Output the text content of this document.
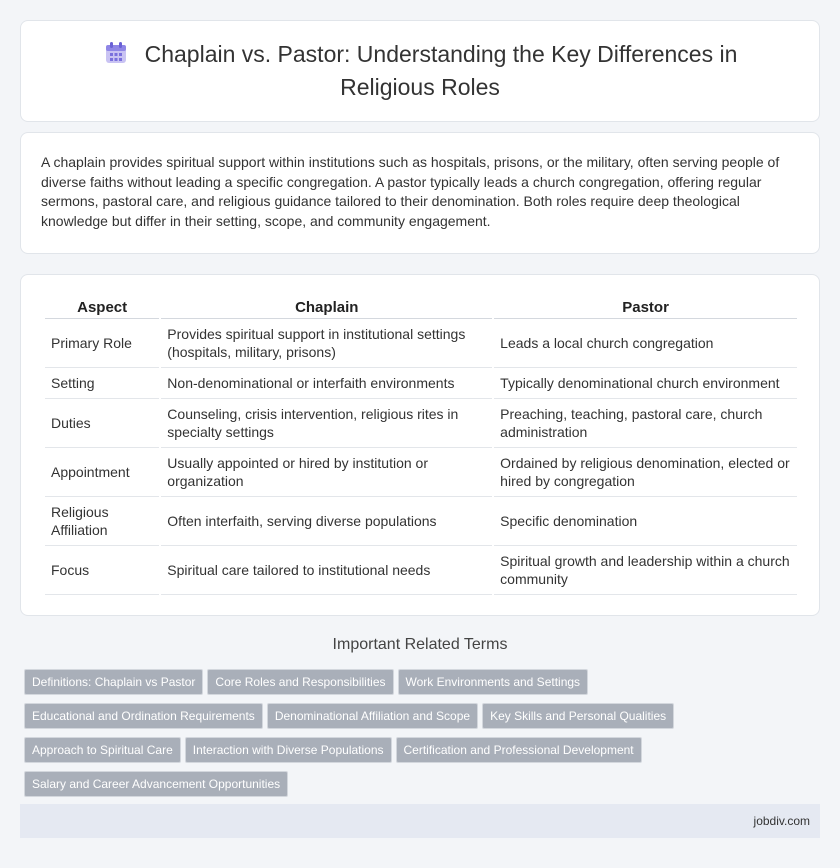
Chaplain vs. Pastor: Understanding the Key Differences in Religious Roles

A chaplain provides spiritual support within institutions such as hospitals, prisons, or the military, often serving people of diverse faiths without leading a specific congregation. A pastor typically leads a church congregation, offering regular sermons, pastoral care, and religious guidance tailored to their denomination. Both roles require deep theological knowledge but differ in their setting, scope, and community engagement.

Aspect	Chaplain	Pastor
Primary Role	Provides spiritual support in institutional settings (hospitals, military, prisons)	Leads a local church congregation
Setting	Non-denominational or interfaith environments	Typically denominational church environment
Duties	Counseling, crisis intervention, religious rites in specialty settings	Preaching, teaching, pastoral care, church administration
Appointment	Usually appointed or hired by institution or organization	Ordained by religious denomination, elected or hired by congregation
Religious Affiliation	Often interfaith, serving diverse populations	Specific denomination
Focus	Spiritual care tailored to institutional needs	Spiritual growth and leadership within a church community
Important Related Terms
Definitions: Chaplain vs Pastor Core Roles and Responsibilities Work Environments and Settings
Educational and Ordination Requirements Denominational Affiliation and Scope Key Skills and Personal Qualities
Approach to Spiritual Care Interaction with Diverse Populations Certification and Professional Development
Salary and Career Advancement Opportunities
jobdiv.com
